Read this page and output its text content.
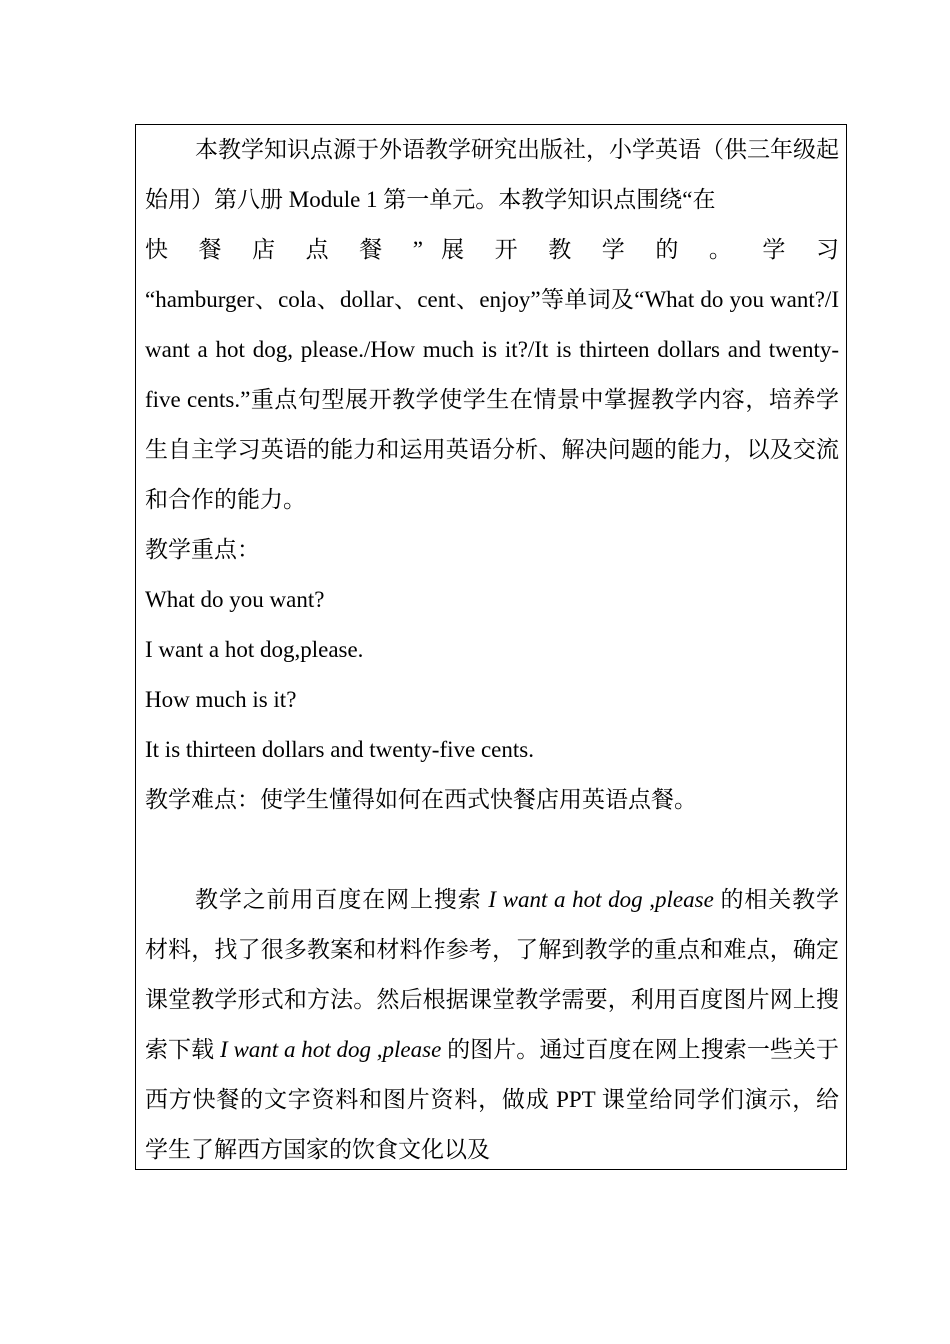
本教学知识点源于外语教学研究出版社，小学英语（供三年级起始用）第八册 Module 1 第一单元。本教学知识点围绕“在

快 餐 店 点 餐 ” 展 开 教 学 的 。 学 习

“hamburger、cola、dollar、cent、enjoy”等单词及“What do you want?/I want a hot dog, please./How much is it?/It is thirteen dollars and twenty-five cents.”重点句型展开教学使学生在情景中掌握教学内容，培养学生自主学习英语的能力和运用英语分析、解决问题的能力，以及交流和合作的能力。

教学重点：

What do you want?

I want a hot dog,please.

How much is it?

It is thirteen dollars and twenty-five cents.

教学难点：使学生懂得如何在西式快餐店用英语点餐。

教学之前用百度在网上搜索 I want a hot dog ,please 的相关教学材料，找了很多教案和材料作参考，了解到教学的重点和难点，确定课堂教学形式和方法。然后根据课堂教学需要，利用百度图片网上搜索下载 I want a hot dog ,please 的图片。通过百度在网上搜索一些关于西方快餐的文字资料和图片资料，做成 PPT 课堂给同学们演示，给学生了解西方国家的饮食文化以及
